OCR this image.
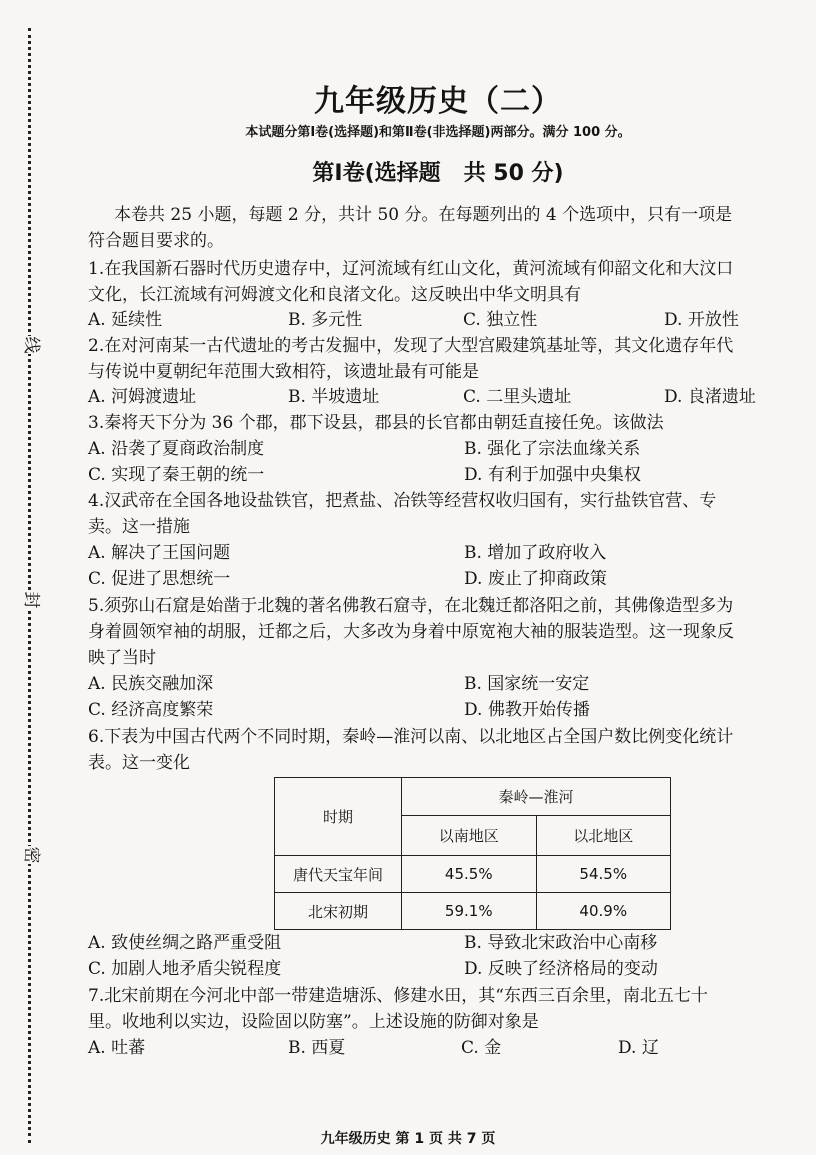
线
封
密
九年级历史（二）
本试题分第Ⅰ卷(选择题)和第Ⅱ卷(非选择题)两部分。满分 100 分。
第Ⅰ卷(选择题   共 50 分)
本卷共 25 小题，每题 2 分，共计 50 分。在每题列出的 4 个选项中，只有一项是
符合题目要求的。
1.在我国新石器时代历史遗存中，辽河流域有红山文化，黄河流域有仰韶文化和大汶口
文化，长江流域有河姆渡文化和良渚文化。这反映出中华文明具有
A. 延续性	B. 多元性	C. 独立性	D. 开放性
2.在对河南某一古代遗址的考古发掘中，发现了大型宫殿建筑基址等，其文化遗存年代
与传说中夏朝纪年范围大致相符，该遗址最有可能是
A. 河姆渡遗址	B. 半坡遗址	C. 二里头遗址	D. 良渚遗址
3.秦将天下分为 36 个郡，郡下设县，郡县的长官都由朝廷直接任免。该做法
A. 沿袭了夏商政治制度	B. 强化了宗法血缘关系
C. 实现了秦王朝的统一	D. 有利于加强中央集权
4.汉武帝在全国各地设盐铁官，把煮盐、冶铁等经营权收归国有，实行盐铁官营、专
卖。这一措施
A. 解决了王国问题	B. 增加了政府收入
C. 促进了思想统一	D. 废止了抑商政策
5.须弥山石窟是始凿于北魏的著名佛教石窟寺，在北魏迁都洛阳之前，其佛像造型多为
身着圆领窄袖的胡服，迁都之后，大多改为身着中原宽袍大袖的服装造型。这一现象反
映了当时
A. 民族交融加深	B. 国家统一安定
C. 经济高度繁荣	D. 佛教开始传播
6.下表为中国古代两个不同时期，秦岭—淮河以南、以北地区占全国户数比例变化统计
表。这一变化
时期	秦岭—淮河	
	以南地区	以北地区
唐代天宝年间	45.5%	54.5%
北宋初期	59.1%	40.9%
A. 致使丝绸之路严重受阻	B. 导致北宋政治中心南移
C. 加剧人地矛盾尖锐程度	D. 反映了经济格局的变动
7.北宋前期在今河北中部一带建造塘泺、修建水田，其“东西三百余里，南北五七十
里。收地利以实边，设险固以防塞”。上述设施的防御对象是
A. 吐蕃	B. 西夏	C. 金	D. 辽
九年级历史 第 1 页 共 7 页
